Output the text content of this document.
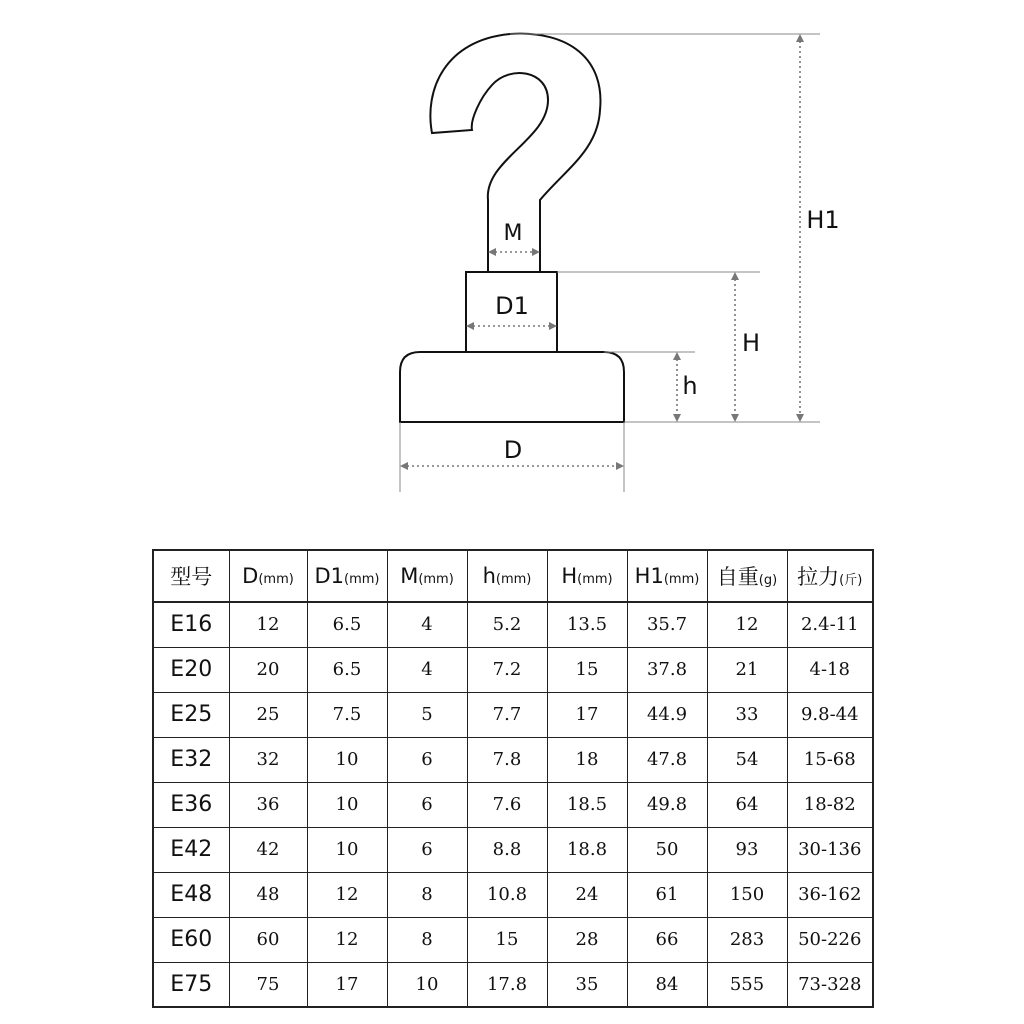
M
D1
D
h
H
H1
型号	D(mm)	D1(mm)	M(mm)	h(mm)	H(mm)	H1(mm)	自重(g)	拉力(斤)
E16	12	6.5	4	5.2	13.5	35.7	12	2.4-11
E20	20	6.5	4	7.2	15	37.8	21	4-18
E25	25	7.5	5	7.7	17	44.9	33	9.8-44
E32	32	10	6	7.8	18	47.8	54	15-68
E36	36	10	6	7.6	18.5	49.8	64	18-82
E42	42	10	6	8.8	18.8	50	93	30-136
E48	48	12	8	10.8	24	61	150	36-162
E60	60	12	8	15	28	66	283	50-226
E75	75	17	10	17.8	35	84	555	73-328
